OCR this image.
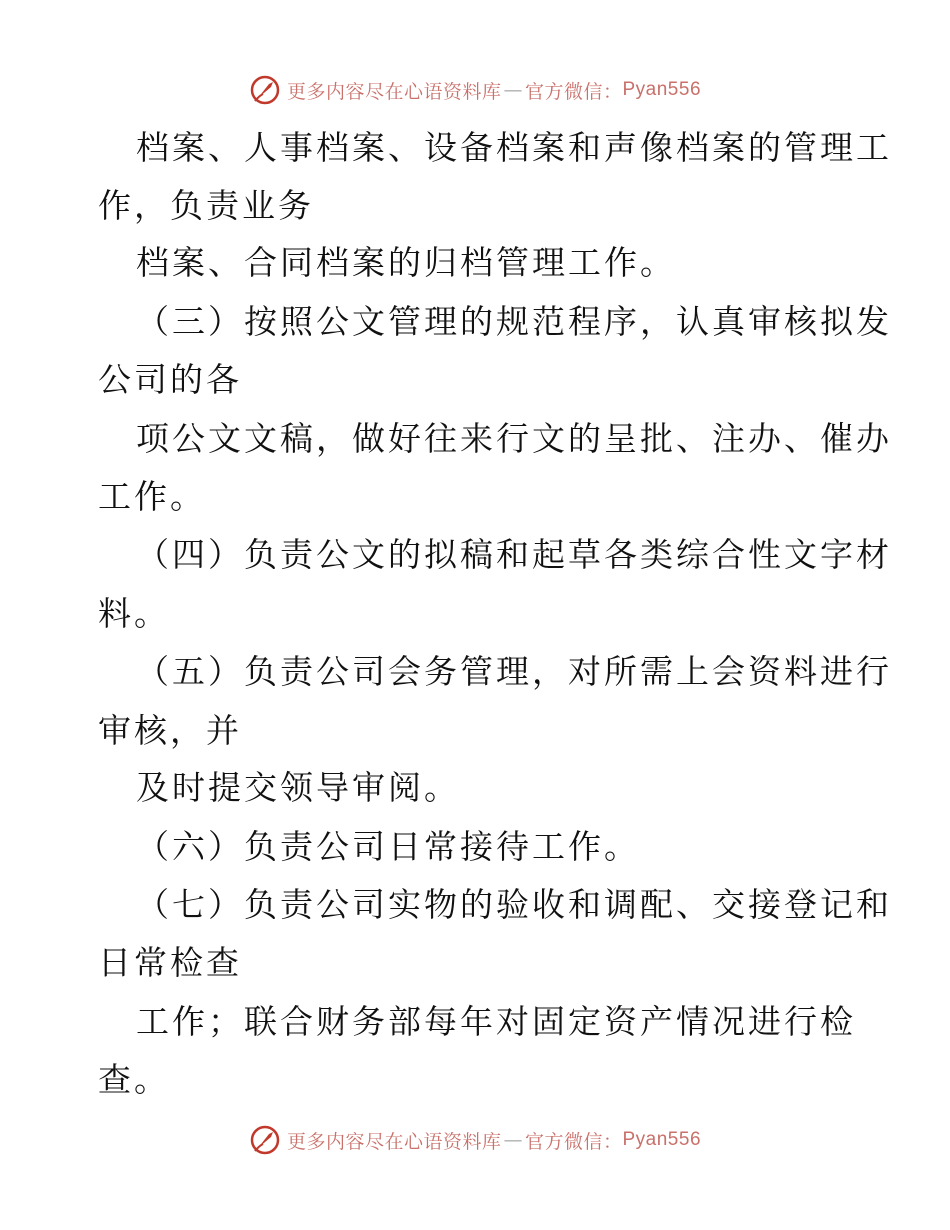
更多内容尽在心语资料库 — 官方微信： Pyan556
档案、人事档案、设备档案和声像档案的管理工
作，负责业务
档案、合同档案的归档管理工作。
（三）按照公文管理的规范程序，认真审核拟发
公司的各
项公文文稿，做好往来行文的呈批、注办、催办
工作。
（四）负责公文的拟稿和起草各类综合性文字材
料。
（五）负责公司会务管理，对所需上会资料进行
审核，并
及时提交领导审阅。
（六）负责公司日常接待工作。
（七）负责公司实物的验收和调配、交接登记和
日常检查
工作；联合财务部每年对固定资产情况进行检
查。
更多内容尽在心语资料库 — 官方微信： Pyan556
